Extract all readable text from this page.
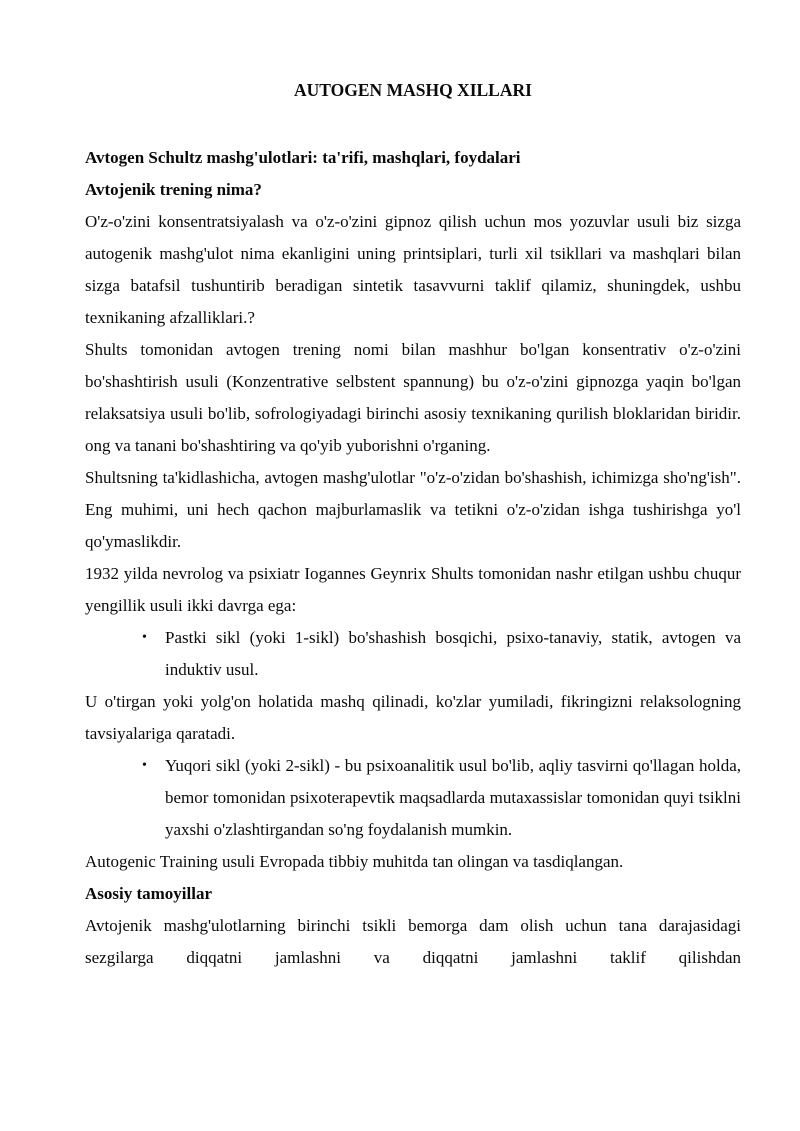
AUTOGEN MASHQ XILLARI
Avtogen Schultz mashg'ulotlari: ta'rifi, mashqlari, foydalari
Avtojenik trening nima?
O'z-o'zini konsentratsiyalash va o'z-o'zini gipnoz qilish uchun mos yozuvlar usuli biz sizga autogenik mashg'ulot nima ekanligini uning printsiplari, turli xil tsikllari va mashqlari bilan sizga batafsil tushuntirib beradigan sintetik tasavvurni taklif qilamiz, shuningdek, ushbu texnikaning afzalliklari.?
Shults tomonidan avtogen trening nomi bilan mashhur bo'lgan konsentrativ o'z-o'zini bo'shashtirish usuli (Konzentrative selbstent spannung) bu o'z-o'zini gipnozga yaqin bo'lgan relaksatsiya usuli bo'lib, sofrologiyadagi birinchi asosiy texnikaning qurilish bloklaridan biridir. ong va tanani bo'shashtiring va qo'yib yuborishni o'rganing.
Shultsning ta'kidlashicha, avtogen mashg'ulotlar "o'z-o'zidan bo'shashish, ichimizga sho'ng'ish". Eng muhimi, uni hech qachon majburlamaslik va tetikni o'z-o'zidan ishga tushirishga yo'l qo'ymaslikdir.
1932 yilda nevrolog va psixiatr Iogannes Geynrix Shults tomonidan nashr etilgan ushbu chuqur yengillik usuli ikki davrga ega:
• Pastki sikl (yoki 1-sikl) bo'shashish bosqichi, psixo-tanaviy, statik, avtogen va induktiv usul.
U o'tirgan yoki yolg'on holatida mashq qilinadi, ko'zlar yumiladi, fikringizni relaksologning tavsiyalariga qaratadi.
• Yuqori sikl (yoki 2-sikl) - bu psixoanalitik usul bo'lib, aqliy tasvirni qo'llagan holda, bemor tomonidan psixoterapevtik maqsadlarda mutaxassislar tomonidan quyi tsiklni yaxshi o'zlashtirgandan so'ng foydalanish mumkin.
Autogenic Training usuli Evropada tibbiy muhitda tan olingan va tasdiqlangan.
Asosiy tamoyillar
Avtojenik mashg'ulotlarning birinchi tsikli bemorga dam olish uchun tana darajasidagi sezgilarga diqqatni jamlashni va diqqatni jamlashni taklif qilishdan
